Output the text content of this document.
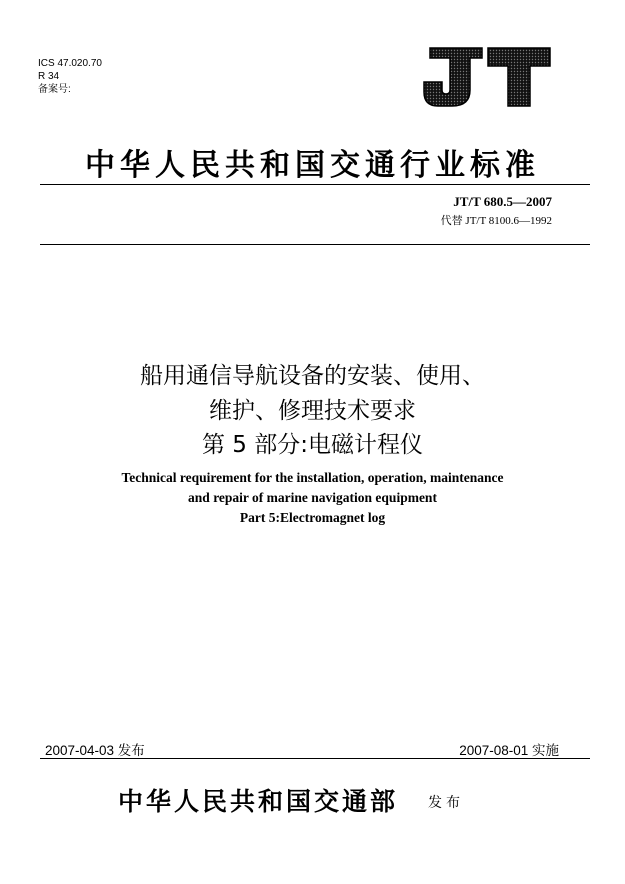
ICS 47.020.70
R 34
备案号:
中华人民共和国交通行业标准
JT/T 680.5—2007
代替 JT/T 8100.6—1992
船用通信导航设备的安装、使用、
维护、修理技术要求
第 5 部分:电磁计程仪
Technical requirement for the installation, operation, maintenance
and repair of marine navigation equipment
Part 5:Electromagnet log
2007-04-03 发布	2007-08-01 实施
中华人民共和国交通部 发布
